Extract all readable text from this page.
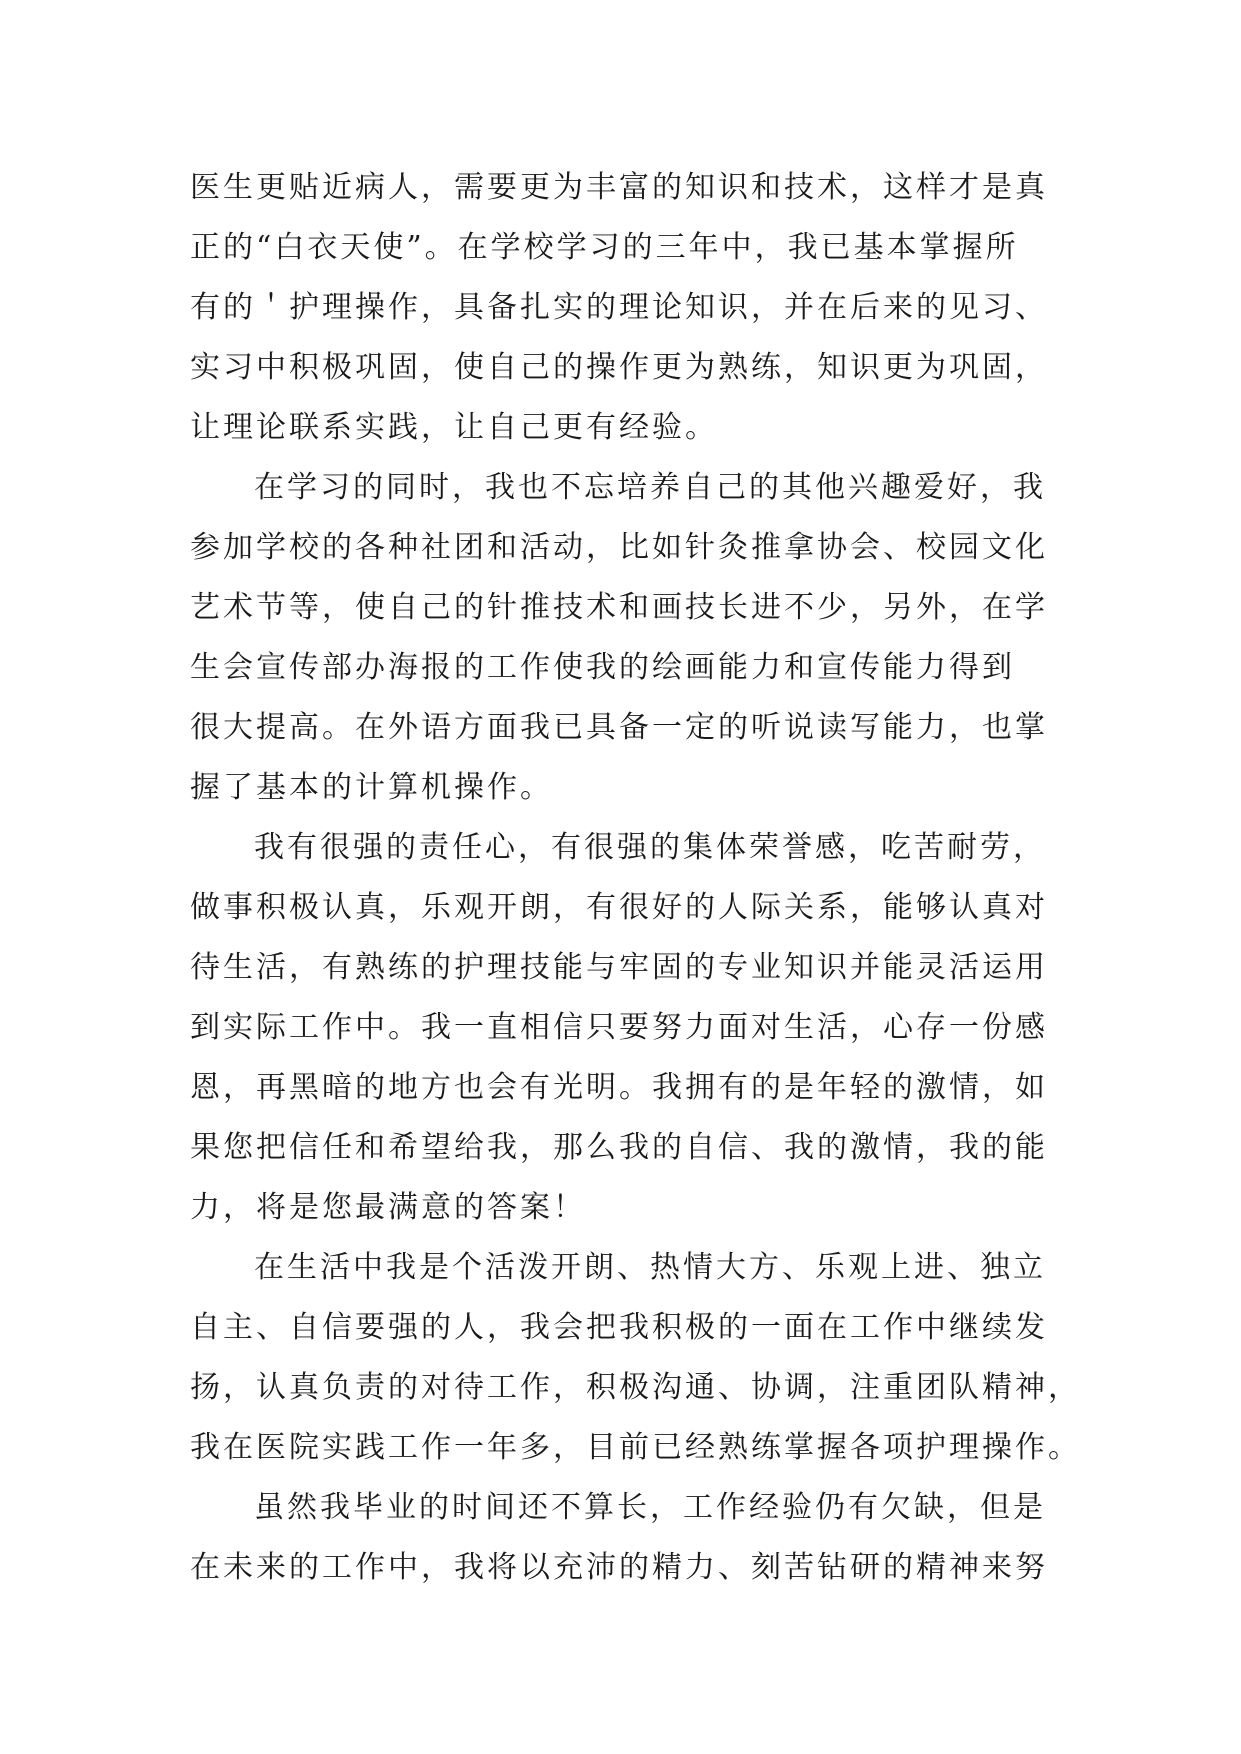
医生更贴近病人，需要更为丰富的知识和技术，这样才是真
正的“白衣天使”。在学校学习的三年中，我已基本掌握所
有的＇护理操作，具备扎实的理论知识，并在后来的见习、
实习中积极巩固，使自己的操作更为熟练，知识更为巩固，
让理论联系实践，让自己更有经验。
在学习的同时，我也不忘培养自己的其他兴趣爱好，我
参加学校的各种社团和活动，比如针灸推拿协会、校园文化
艺术节等，使自己的针推技术和画技长进不少，另外，在学
生会宣传部办海报的工作使我的绘画能力和宣传能力得到
很大提高。在外语方面我已具备一定的听说读写能力，也掌
握了基本的计算机操作。
我有很强的责任心，有很强的集体荣誉感，吃苦耐劳，
做事积极认真，乐观开朗，有很好的人际关系，能够认真对
待生活，有熟练的护理技能与牢固的专业知识并能灵活运用
到实际工作中。我一直相信只要努力面对生活，心存一份感
恩，再黑暗的地方也会有光明。我拥有的是年轻的激情，如
果您把信任和希望给我，那么我的自信、我的激情，我的能
力，将是您最满意的答案！
在生活中我是个活泼开朗、热情大方、乐观上进、独立
自主、自信要强的人，我会把我积极的一面在工作中继续发
扬，认真负责的对待工作，积极沟通、协调，注重团队精神，
我在医院实践工作一年多，目前已经熟练掌握各项护理操作。
虽然我毕业的时间还不算长，工作经验仍有欠缺，但是
在未来的工作中，我将以充沛的精力、刻苦钻研的精神来努
